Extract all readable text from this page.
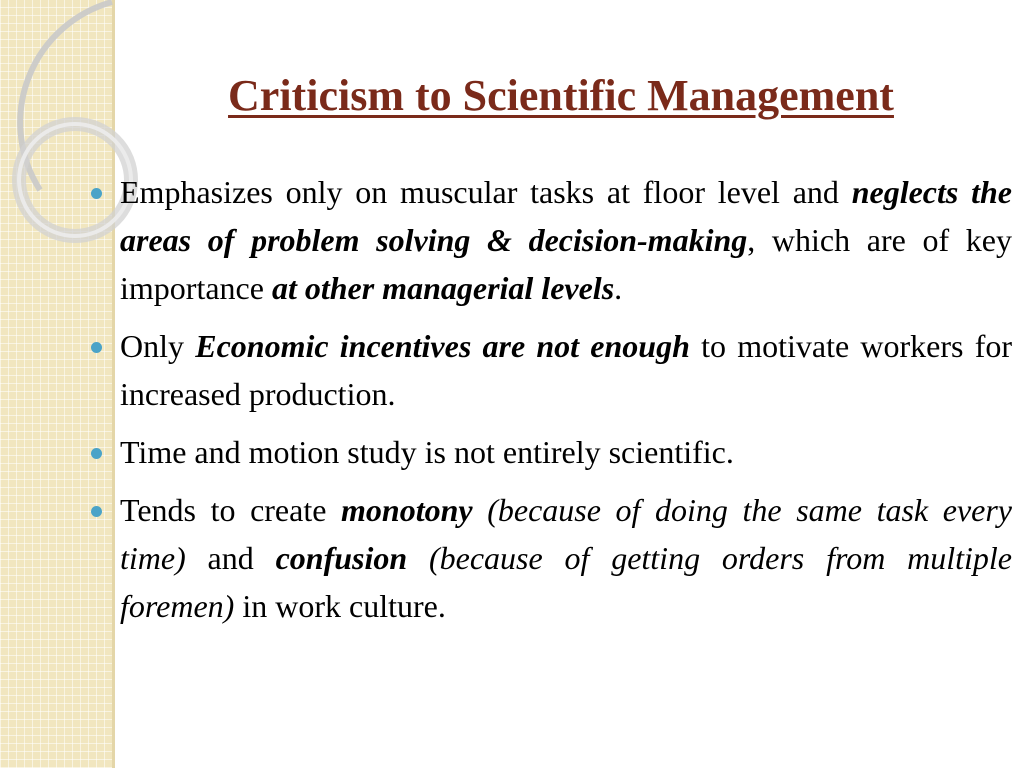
Criticism to Scientific Management
Emphasizes only on muscular tasks at floor level and neglects the areas of problem solving & decision-making, which are of key importance at other managerial levels.
Only Economic incentives are not enough to motivate workers for increased production.
Time and motion study is not entirely scientific.
Tends to create monotony (because of doing the same task every time) and confusion (because of getting orders from multiple foremen) in work culture.
